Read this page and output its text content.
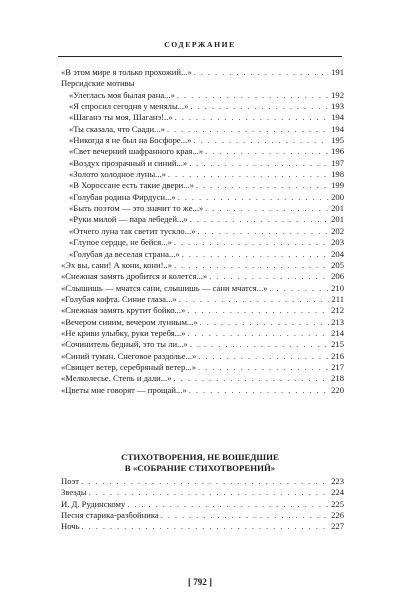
СОДЕРЖАНИЕ
«В этом мире я только прохожий...» . . .	191
Персидские мотивы
«Улеглась моя былая рана...» . . .	192
«Я спросил сегодня у менялы...» . . .	193
«Шаганэ ты моя, Шаганэ!..» . . .	194
«Ты сказала, что Саади...» . . .	194
«Никогда я не был на Босфоре...» . . .	195
«Свет вечерний шафранного края...» . . .	196
«Воздух прозрачный и синий...» . . .	197
«Золото холодное луны...» . . .	198
«В Хороссане есть такие двери...» . . .	199
«Голубая родина Фирдуси...» . . .	200
«Быть поэтом — это значит то же...» . . .	201
«Руки милой — пара лебедей...» . . .	201
«Отчего луна так светит тускло...» . . .	202
«Глупое сердце, не бейся...» . . .	203
«Голубая да веселая страна...» . . .	204
«Эх вы, сани! А кони, кони!..» . . .	205
«Снежная замять дробится и колется...» . . .	206
«Слышишь — мчатся сани, слышишь — сани мчатся...» . . .	210
«Голубая кофта. Синие глаза...» . . .	211
«Снежная замять крутит бойко...» . . .	212
«Вечером синим, вечером лунным...» . . .	213
«Не криви улыбку, руки теребя...» . . .	214
«Сочинитель бедный, это ты ли...» . . .	215
«Синий туман. Снеговое раздолье...» . . .	216
«Свищет ветер, серебряный ветер...» . . .	217
«Мелколесье. Степь и дали...» . . .	218
«Цветы мне говорят — прощай...» . . .	220
СТИХОТВОРЕНИЯ, НЕ ВОШЕДШИЕ
В «СОБРАНИЕ СТИХОТВОРЕНИЙ»
Поэт . . .	223
Звезды . . .	224
И. Д. Рудинскому . . .	225
Песня старика-разбойника . . .	226
Ночь . . .	227
[ 792 ]
